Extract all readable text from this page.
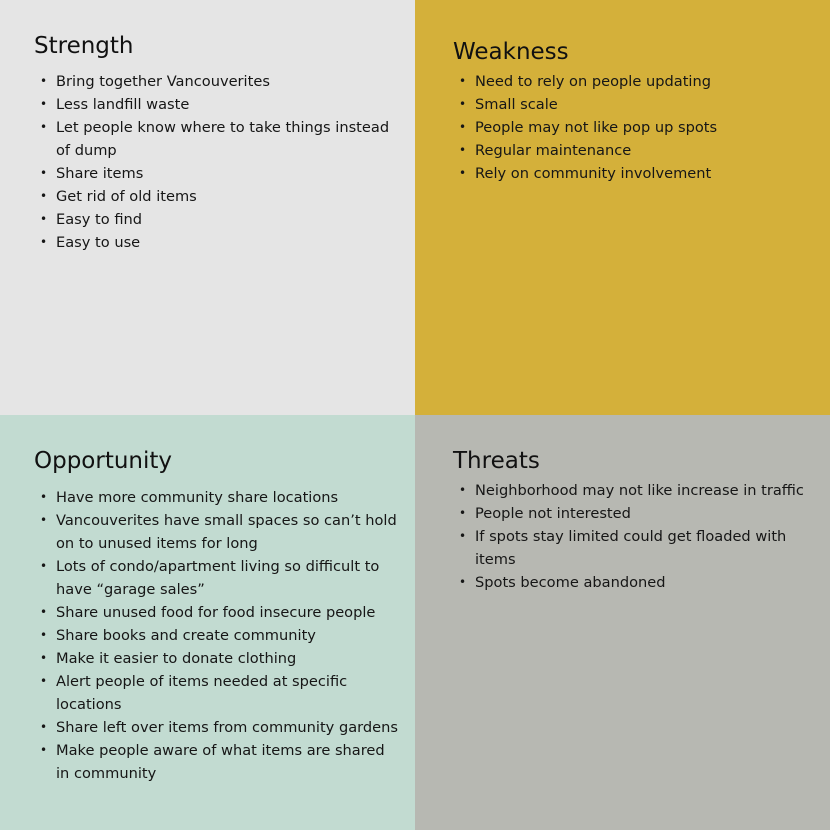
Strength
• Bring together Vancouverites
• Less landfill waste
• Let people know where to take things instead of dump
• Share items
• Get rid of old items
• Easy to find
• Easy to use
Weakness
• Need to rely on people updating
• Small scale
• People may not like pop up spots
• Regular maintenance
• Rely on community involvement
Opportunity
• Have more community share locations
• Vancouverites have small spaces so can’t hold on to unused items for long
• Lots of condo/apartment living so difficult to have “garage sales”
• Share unused food for food insecure people
• Share books and create community
• Make it easier to donate clothing
• Alert people of items needed at specific locations
• Share left over items from community gardens
• Make people aware of what items are shared in community
Threats
• Neighborhood may not like increase in traffic
• People not interested
• If spots stay limited could get floaded with items
• Spots become abandoned
